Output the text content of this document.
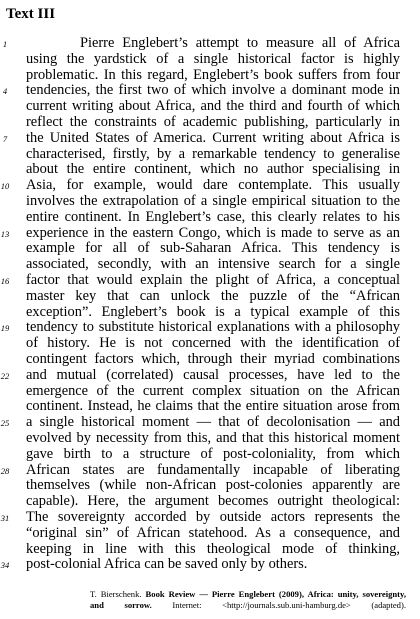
Text III
1	Pierre Englebert’s attempt to measure all of Africa
using the yardstick of a single historical factor is highly
problematic. In this regard, Englebert’s book suffers from four
4 tendencies, the first two of which involve a dominant mode in
current writing about Africa, and the third and fourth of which
reflect the constraints of academic publishing, particularly in
7 the United States of America. Current writing about Africa is
characterised, firstly, by a remarkable tendency to generalise
about the entire continent, which no author specialising in
10 Asia, for example, would dare contemplate. This usually
involves the extrapolation of a single empirical situation to the
entire continent. In Englebert’s case, this clearly relates to his
13 experience in the eastern Congo, which is made to serve as an
example for all of sub-Saharan Africa. This tendency is
associated, secondly, with an intensive search for a single
16 factor that would explain the plight of Africa, a conceptual
master key that can unlock the puzzle of the “African
exception”. Englebert’s book is a typical example of this
19 tendency to substitute historical explanations with a philosophy
of history. He is not concerned with the identification of
contingent factors which, through their myriad combinations
22 and mutual (correlated) causal processes, have led to the
emergence of the current complex situation on the African
continent. Instead, he claims that the entire situation arose from
25 a single historical moment — that of decolonisation — and
evolved by necessity from this, and that this historical moment
gave birth to a structure of post-coloniality, from which
28 African states are fundamentally incapable of liberating
themselves (while non-African post-colonies apparently are
capable). Here, the argument becomes outright theological:
31 The sovereignty accorded by outside actors represents the
“original sin” of African statehood. As a consequence, and
keeping in line with this theological mode of thinking,
34 post-colonial Africa can be saved only by others.
T. Bierschenk. Book Review — Pierre Englebert (2009), Africa: unity, sovereignty,
and sorrow. Internet: <http://journals.sub.uni-hamburg.de> (adapted).
